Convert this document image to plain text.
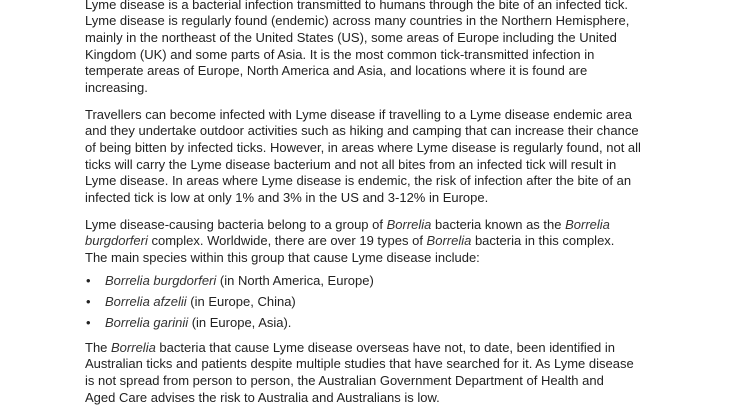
Lyme disease is a bacterial infection transmitted to humans through the bite of an infected tick.
Lyme disease is regularly found (endemic) across many countries in the Northern Hemisphere,
mainly in the northeast of the United States (US), some areas of Europe including the United
Kingdom (UK) and some parts of Asia. It is the most common tick-transmitted infection in
temperate areas of Europe, North America and Asia, and locations where it is found are
increasing.
Travellers can become infected with Lyme disease if travelling to a Lyme disease endemic area
and they undertake outdoor activities such as hiking and camping that can increase their chance
of being bitten by infected ticks. However, in areas where Lyme disease is regularly found, not all
ticks will carry the Lyme disease bacterium and not all bites from an infected tick will result in
Lyme disease. In areas where Lyme disease is endemic, the risk of infection after the bite of an
infected tick is low at only 1% and 3% in the US and 3-12% in Europe.
Lyme disease-causing bacteria belong to a group of Borrelia bacteria known as the Borrelia
burgdorferi complex. Worldwide, there are over 19 types of Borrelia bacteria in this complex.
The main species within this group that cause Lyme disease include:
• Borrelia burgdorferi (in North America, Europe)
• Borrelia afzelii (in Europe, China)
• Borrelia garinii (in Europe, Asia).
The Borrelia bacteria that cause Lyme disease overseas have not, to date, been identified in
Australian ticks and patients despite multiple studies that have searched for it. As Lyme disease
is not spread from person to person, the Australian Government Department of Health and
Aged Care advises the risk to Australia and Australians is low.
